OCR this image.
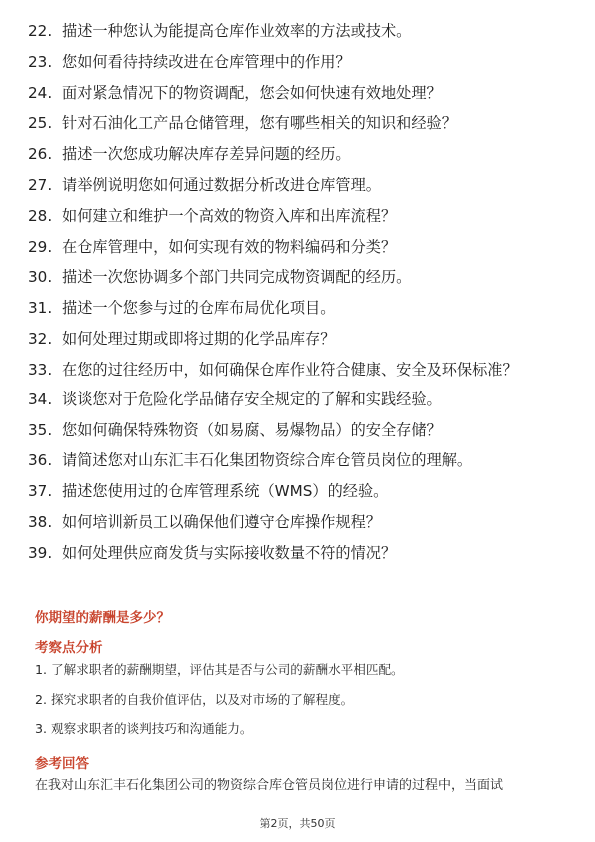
22. 描述一种您认为能提高仓库作业效率的方法或技术。
23. 您如何看待持续改进在仓库管理中的作用？
24. 面对紧急情况下的物资调配，您会如何快速有效地处理？
25. 针对石油化工产品仓储管理，您有哪些相关的知识和经验？
26. 描述一次您成功解决库存差异问题的经历。
27. 请举例说明您如何通过数据分析改进仓库管理。
28. 如何建立和维护一个高效的物资入库和出库流程？
29. 在仓库管理中，如何实现有效的物料编码和分类？
30. 描述一次您协调多个部门共同完成物资调配的经历。
31. 描述一个您参与过的仓库布局优化项目。
32. 如何处理过期或即将过期的化学品库存？
33. 在您的过往经历中，如何确保仓库作业符合健康、安全及环保标准？
34. 谈谈您对于危险化学品储存安全规定的了解和实践经验。
35. 您如何确保特殊物资（如易腐、易爆物品）的安全存储？
36. 请简述您对山东汇丰石化集团物资综合库仓管员岗位的理解。
37. 描述您使用过的仓库管理系统（WMS）的经验。
38. 如何培训新员工以确保他们遵守仓库操作规程？
39. 如何处理供应商发货与实际接收数量不符的情况？
你期望的薪酬是多少？
考察点分析
1. 了解求职者的薪酬期望，评估其是否与公司的薪酬水平相匹配。
2. 探究求职者的自我价值评估，以及对市场的了解程度。
3. 观察求职者的谈判技巧和沟通能力。
参考回答
在我对山东汇丰石化集团公司的物资综合库仓管员岗位进行申请的过程中，当面试
第2页，共50页
